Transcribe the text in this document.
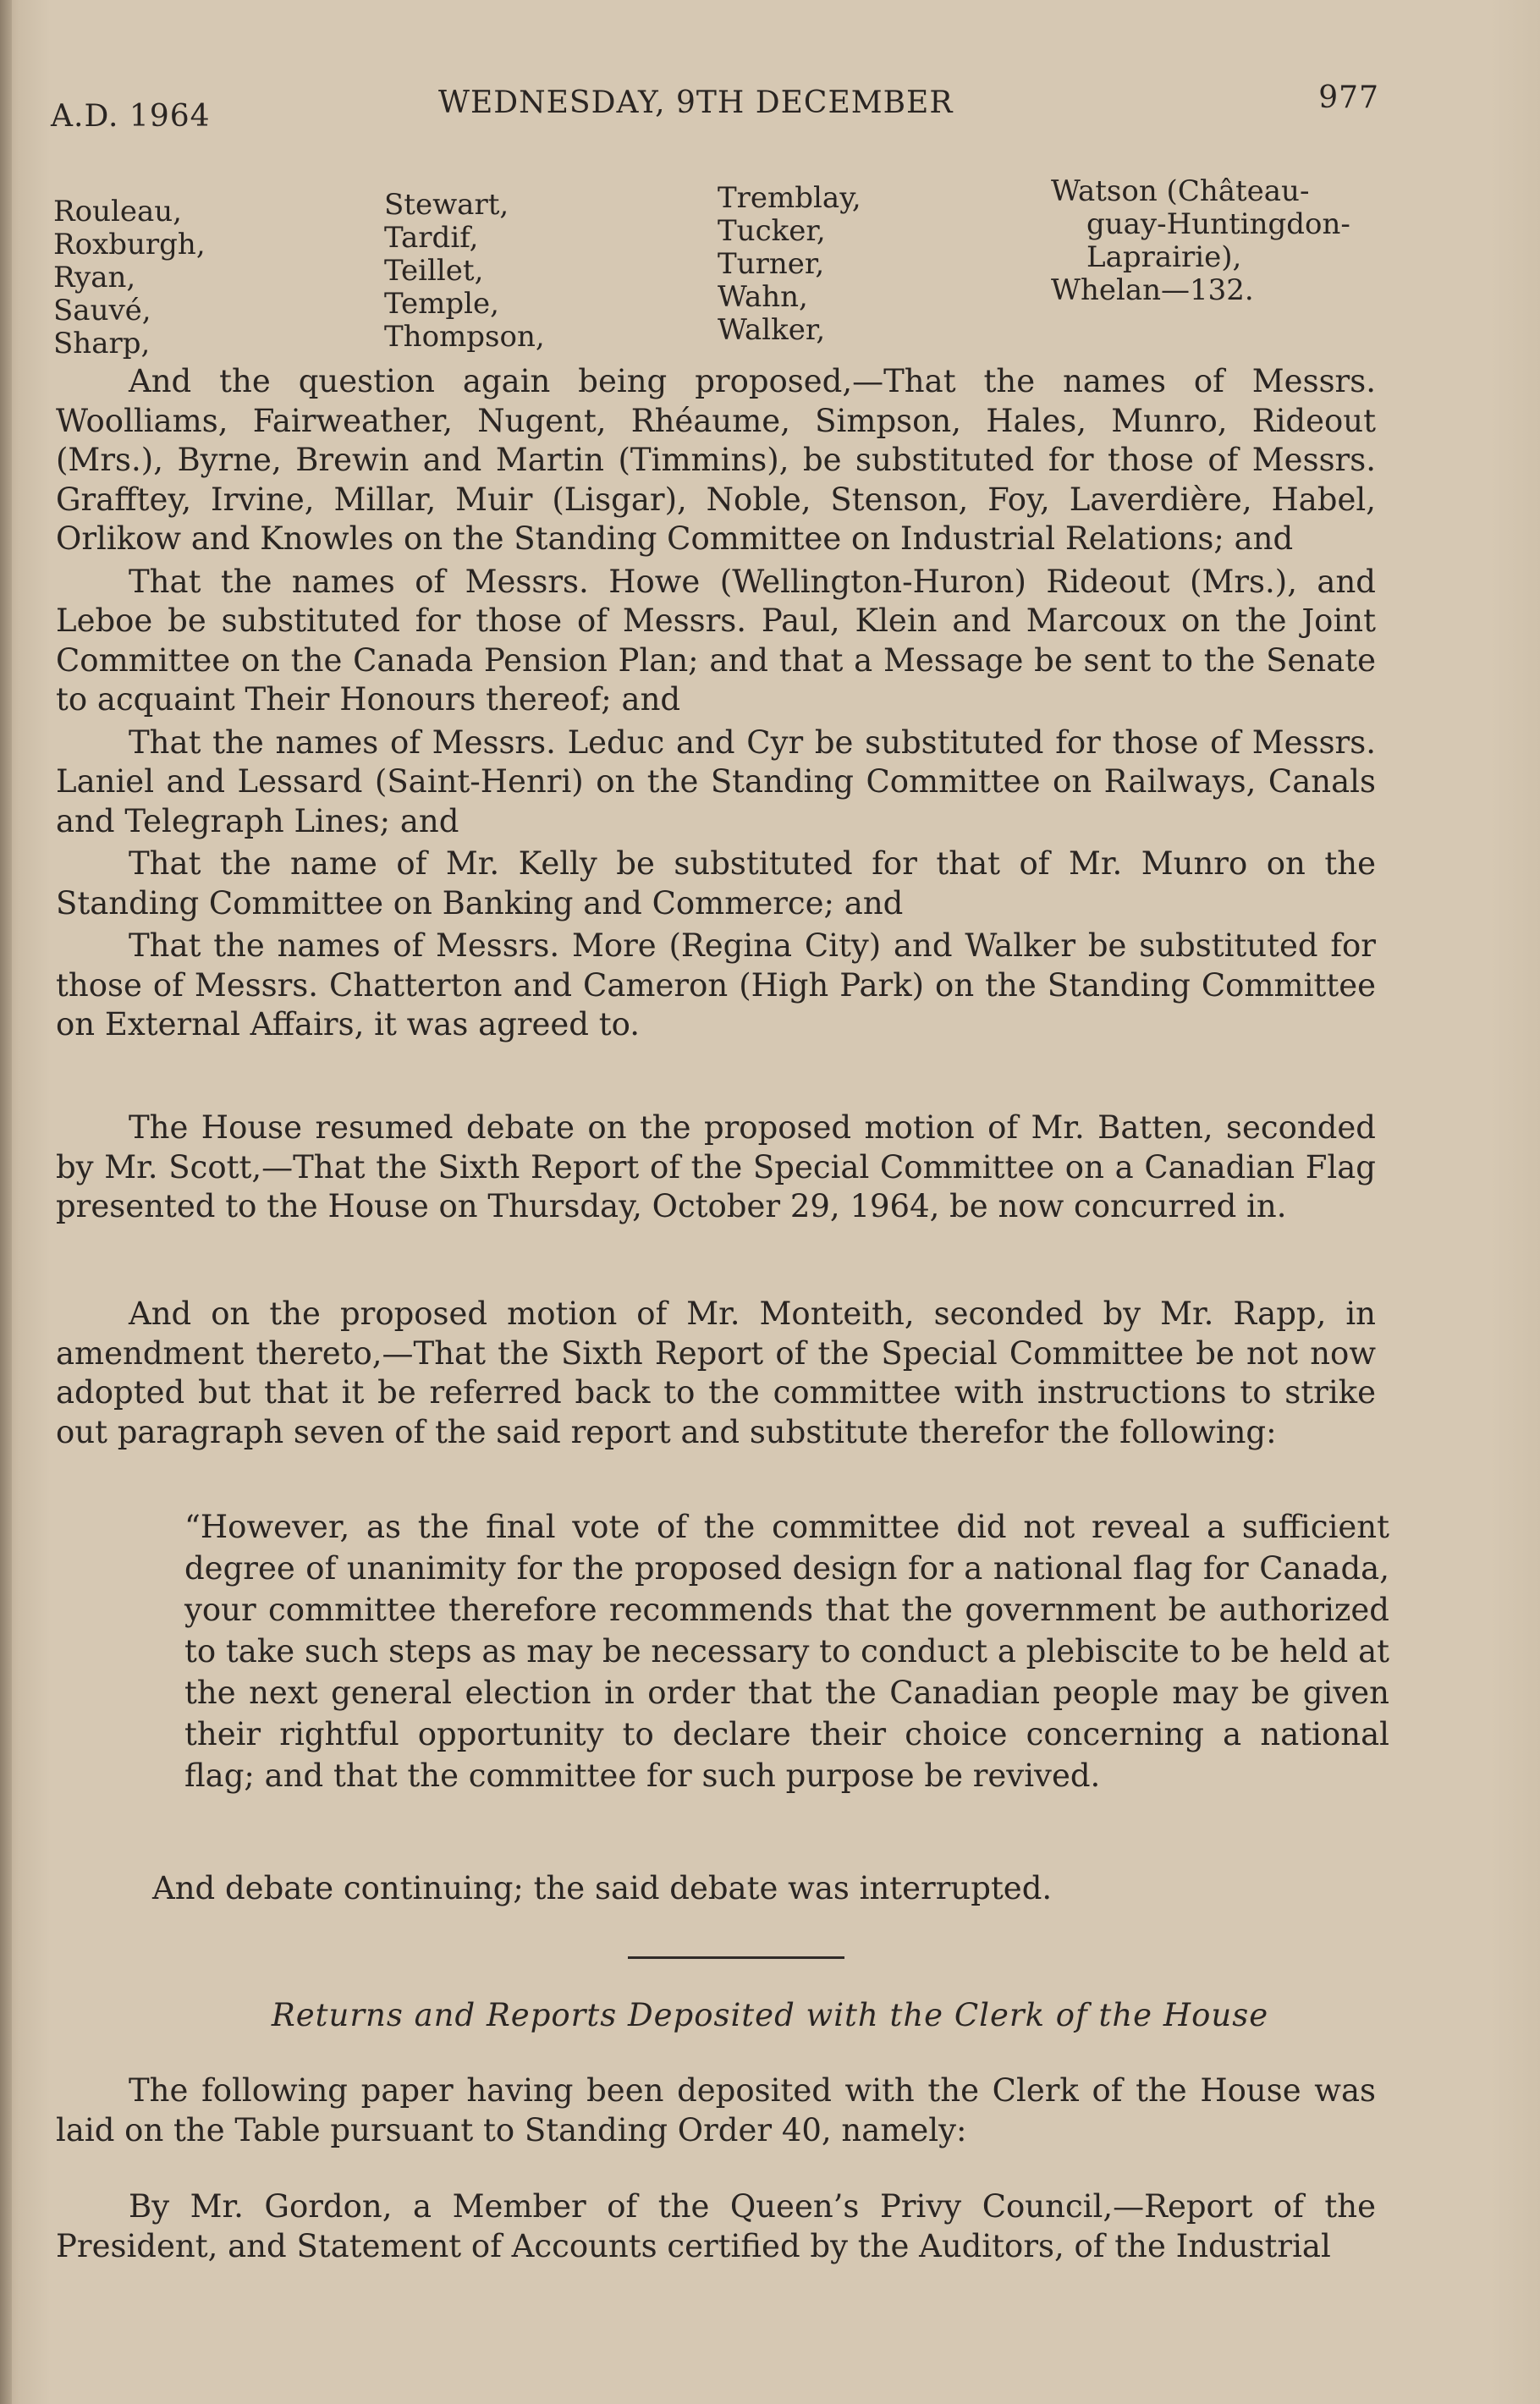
A.D. 1964	WEDNESDAY, 9TH DECEMBER	977
Rouleau,
Roxburgh,
Ryan,
Sauvé,
Sharp,
Stewart,
Tardif,
Teillet,
Temple,
Thompson,
Tremblay,
Tucker,
Turner,
Wahn,
Walker,
Watson (Château-
guay-Huntingdon-
Laprairie),
Whelan—132.

And the question again being proposed,—That the names of Messrs. Woolliams, Fairweather, Nugent, Rhéaume, Simpson, Hales, Munro, Rideout (Mrs.), Byrne, Brewin and Martin (Timmins), be substituted for those of Messrs. Grafftey, Irvine, Millar, Muir (Lisgar), Noble, Stenson, Foy, Laverdière, Habel, Orlikow and Knowles on the Standing Committee on Industrial Relations; and

That the names of Messrs. Howe (Wellington-Huron) Rideout (Mrs.), and Leboe be substituted for those of Messrs. Paul, Klein and Marcoux on the Joint Committee on the Canada Pension Plan; and that a Message be sent to the Senate to acquaint Their Honours thereof; and

That the names of Messrs. Leduc and Cyr be substituted for those of Messrs. Laniel and Lessard (Saint-Henri) on the Standing Committee on Railways, Canals and Telegraph Lines; and

That the name of Mr. Kelly be substituted for that of Mr. Munro on the Standing Committee on Banking and Commerce; and

That the names of Messrs. More (Regina City) and Walker be substituted for those of Messrs. Chatterton and Cameron (High Park) on the Standing Committee on External Affairs, it was agreed to.

The House resumed debate on the proposed motion of Mr. Batten, seconded by Mr. Scott,—That the Sixth Report of the Special Committee on a Canadian Flag presented to the House on Thursday, October 29, 1964, be now concurred in.

And on the proposed motion of Mr. Monteith, seconded by Mr. Rapp, in amendment thereto,—That the Sixth Report of the Special Committee be not now adopted but that it be referred back to the committee with instructions to strike out paragraph seven of the said report and substitute therefor the following:

“However, as the final vote of the committee did not reveal a sufficient degree of unanimity for the proposed design for a national flag for Canada, your committee therefore recommends that the government be authorized to take such steps as may be necessary to conduct a plebiscite to be held at the next general election in order that the Canadian people may be given their rightful opportunity to declare their choice concerning a national flag; and that the committee for such purpose be revived.
And debate continuing; the said debate was interrupted.
Returns and Reports Deposited with the Clerk of the House

The following paper having been deposited with the Clerk of the House was laid on the Table pursuant to Standing Order 40, namely:

By Mr. Gordon, a Member of the Queen’s Privy Council,—Report of the President, and Statement of Accounts certified by the Auditors, of the Industrial
